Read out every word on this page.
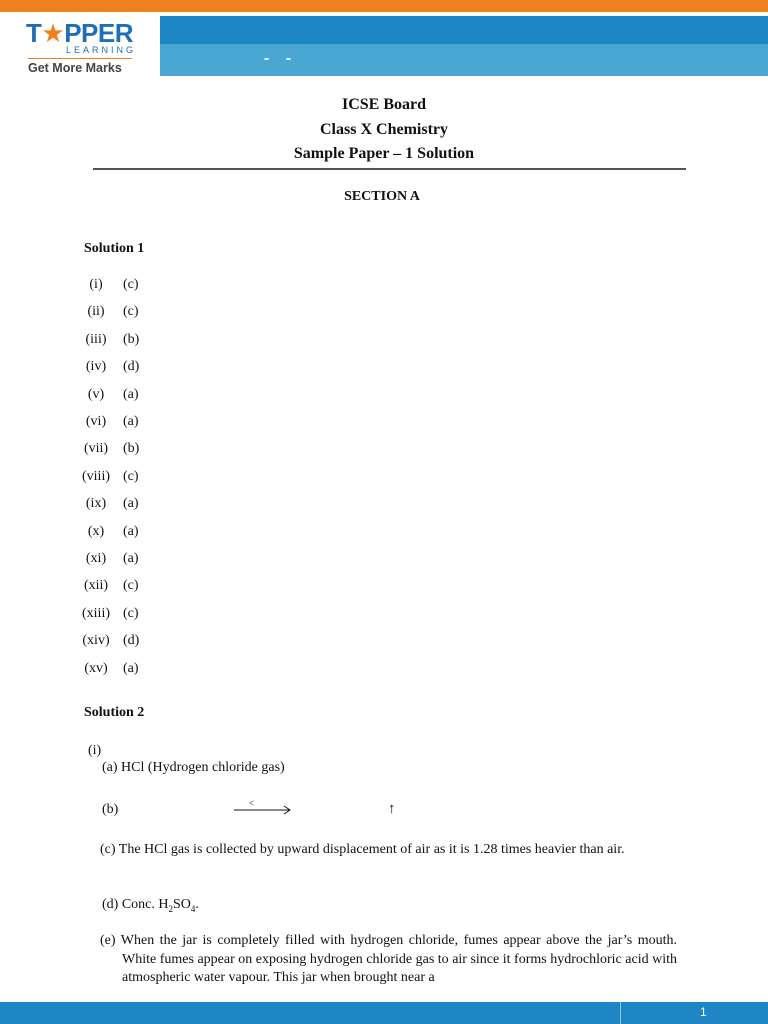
T★PPER
LEARNING
Get More Marks
- -
ICSE Board
Class X Chemistry
Sample Paper – 1 Solution
SECTION A
Solution 1
(i)	(c)
(ii)	(c)
(iii)	(b)
(iv)	(d)
(v)	(a)
(vi)	(a)
(vii)	(b)
(viii) (c)
(ix)	(a)
(x)	(a)
(xi)	(a)
(xii)	(c)
(xiii) (c)
(xiv) (d)
(xv)	(a)
Solution 2
(i)
(a) HCl (Hydrogen chloride gas)
(b)	<	↑
(c) The HCl gas is collected by upward displacement of air as it is 1.28 times heavier than air.
(d) Conc. $H_2SO_4$.
(e) When the jar is completely filled with hydrogen chloride, fumes appear above the jar’s mouth. White fumes appear on exposing hydrogen chloride gas to air since it forms hydrochloric acid with atmospheric water vapour. This jar when brought near a
1
